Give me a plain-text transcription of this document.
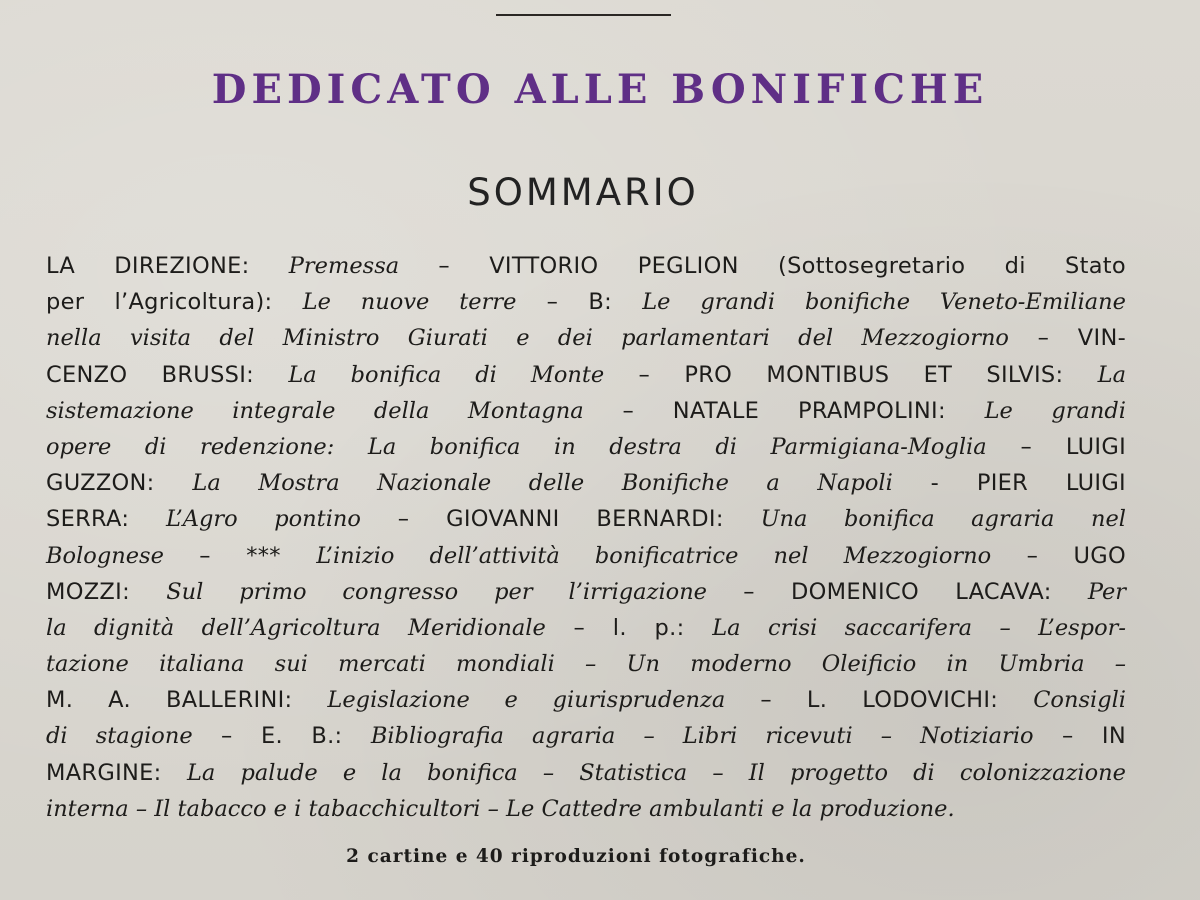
DEDICATO ALLE BONIFICHE
SOMMARIO
LA DIREZIONE: Premessa – VITTORIO PEGLION (Sottosegretario di Stato
per l’Agricoltura): Le nuove terre – B: Le grandi bonifiche Veneto-Emiliane
nella visita del Ministro Giurati e dei parlamentari del Mezzogiorno – VIN-
CENZO BRUSSI: La bonifica di Monte – PRO MONTIBUS ET SILVIS: La
sistemazione integrale della Montagna – NATALE PRAMPOLINI: Le grandi
opere di redenzione: La bonifica in destra di Parmigiana-Moglia – LUIGI
GUZZON: La Mostra Nazionale delle Bonifiche a Napoli - PIER LUIGI
SERRA: L’Agro pontino – GIOVANNI BERNARDI: Una bonifica agraria nel
Bolognese – *** L’inizio dell’attività bonificatrice nel Mezzogiorno – UGO
MOZZI: Sul primo congresso per l’irrigazione – DOMENICO LACAVA: Per
la dignità dell’Agricoltura Meridionale – l. p.: La crisi saccarifera – L’espor-
tazione italiana sui mercati mondiali – Un moderno Oleificio in Umbria –
M. A. BALLERINI: Legislazione e giurisprudenza – L. LODOVICHI: Consigli
di stagione – E. B.: Bibliografia agraria – Libri ricevuti – Notiziario – IN
MARGINE: La palude e la bonifica – Statistica – Il progetto di colonizzazione
interna – Il tabacco e i tabacchicultori – Le Cattedre ambulanti e la produzione.
2 cartine e 40 riproduzioni fotografiche.
